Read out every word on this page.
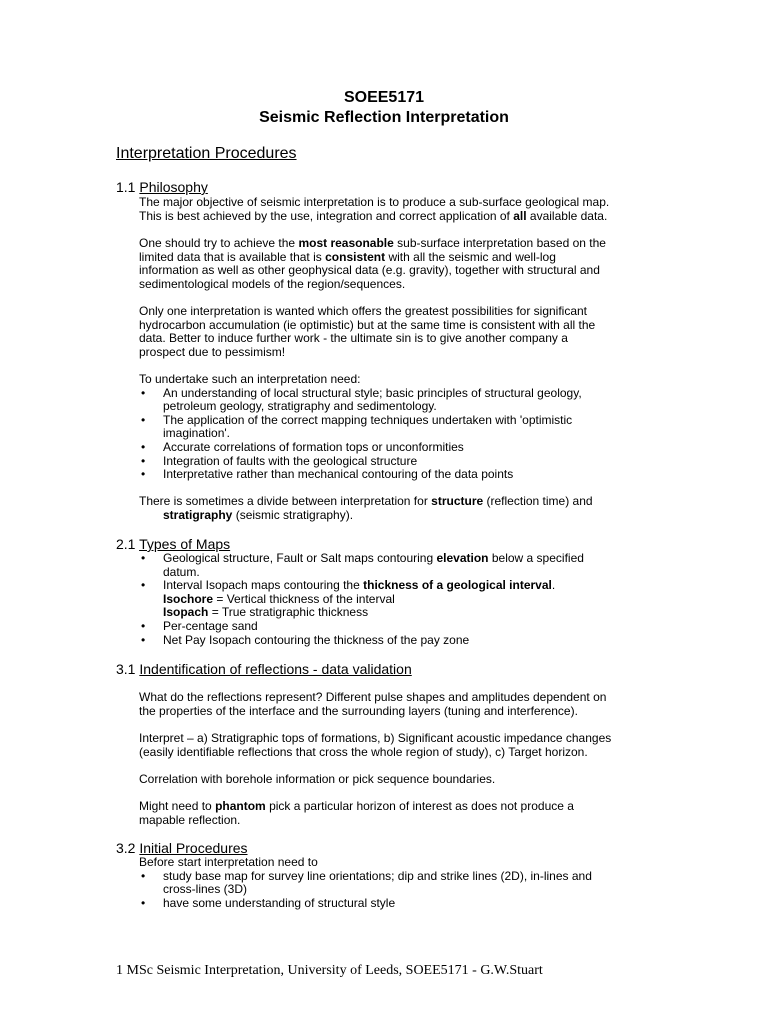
SOEE5171
Seismic Reflection Interpretation
Interpretation Procedures
1.1 Philosophy

The major objective of seismic interpretation is to produce a sub-surface geological map.
This is best achieved by the use, integration and correct application of all available data.

One should try to achieve the most reasonable sub-surface interpretation based on the
limited data that is available that is consistent with all the seismic and well-log
information as well as other geophysical data (e.g. gravity), together with structural and
sedimentological models of the region/sequences.

Only one interpretation is wanted which offers the greatest possibilities for significant
hydrocarbon accumulation (ie optimistic) but at the same time is consistent with all the
data. Better to induce further work - the ultimate sin is to give another company a
prospect due to pessimism!

To undertake such an interpretation need:

• An understanding of local structural style; basic principles of structural geology,
petroleum geology, stratigraphy and sedimentology.
• The application of the correct mapping techniques undertaken with 'optimistic
imagination'.
• Accurate correlations of formation tops or unconformities
• Integration of faults with the geological structure
• Interpretative rather than mechanical contouring of the data points

There is sometimes a divide between interpretation for structure (reflection time) and
stratigraphy (seismic stratigraphy).

2.1 Types of Maps
• Geological structure, Fault or Salt maps contouring elevation below a specified
datum.
• Interval Isopach maps contouring the thickness of a geological interval.
Isochore = Vertical thickness of the interval
Isopach = True stratigraphic thickness
• Per-centage sand
• Net Pay Isopach contouring the thickness of the pay zone
3.1 Indentification of reflections - data validation

What do the reflections represent? Different pulse shapes and amplitudes dependent on
the properties of the interface and the surrounding layers (tuning and interference).

Interpret – a) Stratigraphic tops of formations, b) Significant acoustic impedance changes
(easily identifiable reflections that cross the whole region of study), c) Target horizon.

Correlation with borehole information or pick sequence boundaries.

Might need to phantom pick a particular horizon of interest as does not produce a
mapable reflection.

3.2 Initial Procedures

Before start interpretation need to

• study base map for survey line orientations; dip and strike lines (2D), in-lines and
cross-lines (3D)
• have some understanding of structural style
1 MSc Seismic Interpretation, University of Leeds, SOEE5171 - G.W.Stuart
